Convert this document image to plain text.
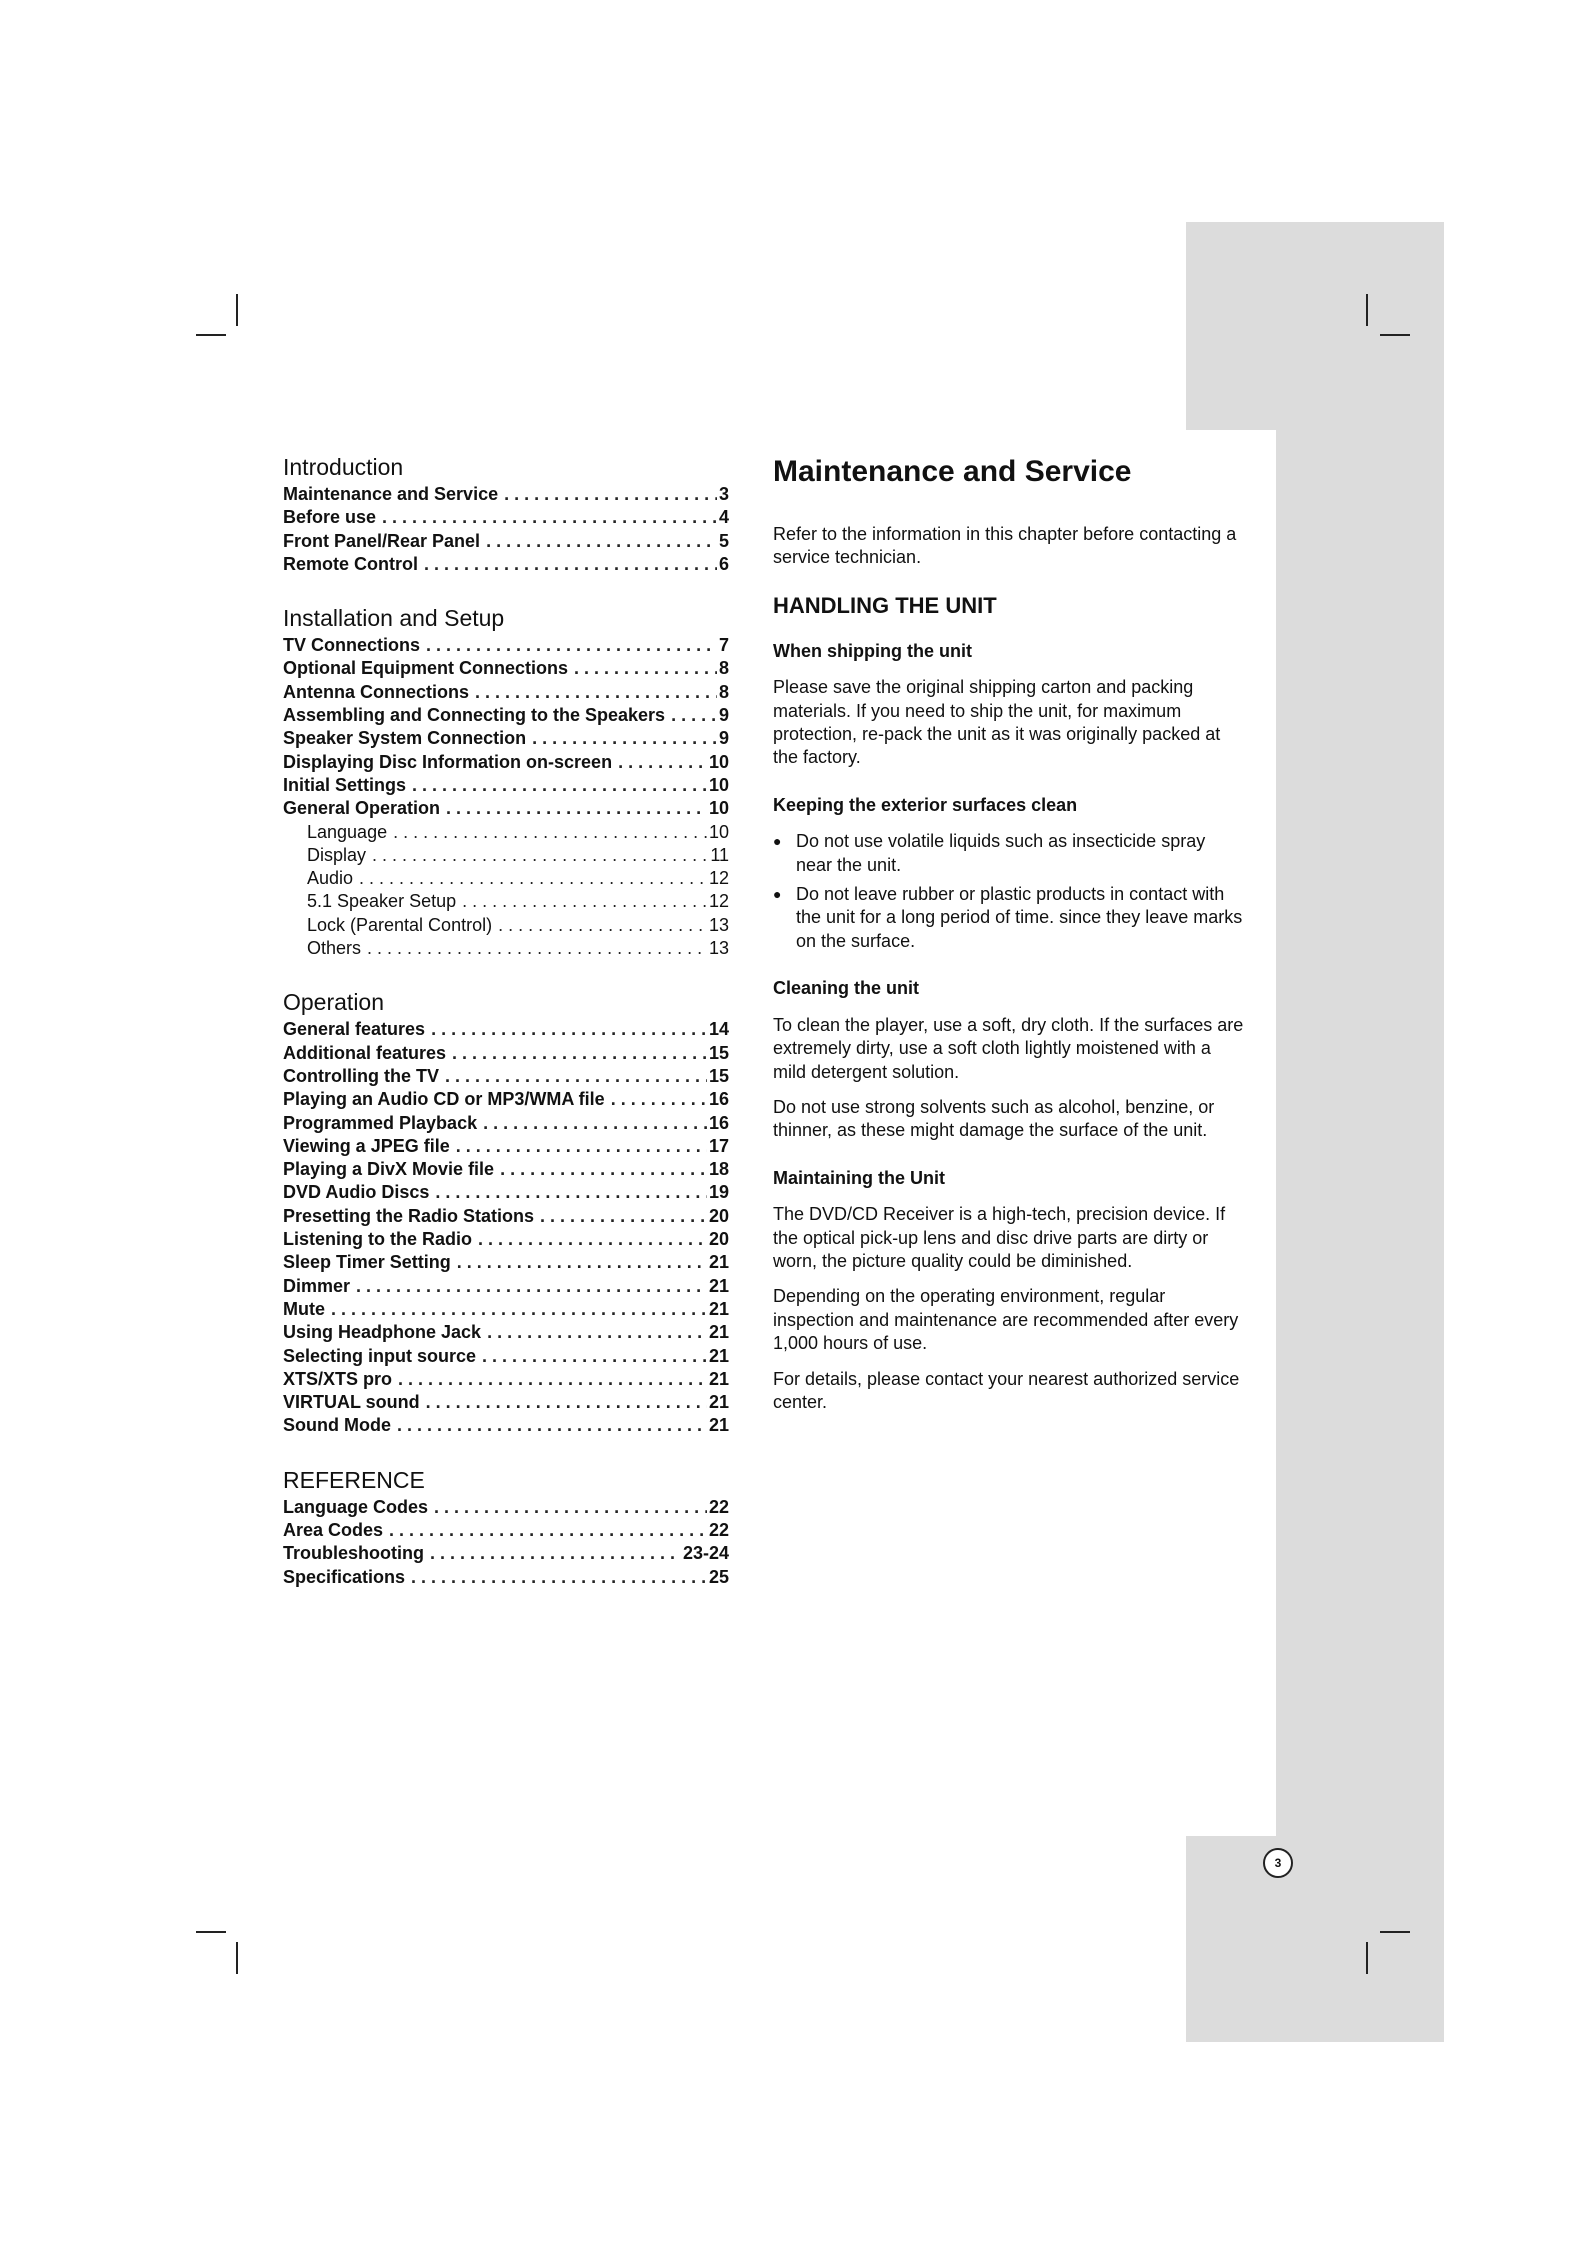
Introduction
Maintenance and Service . . .	3
Before use . . .	4
Front Panel/Rear Panel . . .	5
Remote Control . . .	6
Installation and Setup
TV Connections . . .	7
Optional Equipment Connections . . .	8
Antenna Connections . . .	8
Assembling and Connecting to the Speakers . . .	9
Speaker System Connection . . .	9
Displaying Disc Information on-screen . . .	10
Initial Settings . . .	10
General Operation . . .	10
Language . . .	10
Display . . .	11
Audio . . .	12
5.1 Speaker Setup . . .	12
Lock (Parental Control) . . .	13
Others . . .	13
Operation
General features . . .	14
Additional features . . .	15
Controlling the TV . . .	15
Playing an Audio CD or MP3/WMA file . . .	16
Programmed Playback . . .	16
Viewing a JPEG file . . .	17
Playing a DivX Movie file . . .	18
DVD Audio Discs . . .	19
Presetting the Radio Stations . . .	20
Listening to the Radio . . .	20
Sleep Timer Setting . . .	21
Dimmer . . .	21
Mute . . .	21
Using Headphone Jack . . .	21
Selecting input source . . .	21
XTS/XTS pro . . .	21
VIRTUAL sound . . .	21
Sound Mode . . .	21
REFERENCE
Language Codes . . .	22
Area Codes . . .	22
Troubleshooting . . .	23-24
Specifications . . .	25
Maintenance and Service

Refer to the information in this chapter before contacting a service technician.

HANDLING THE UNIT
When shipping the unit

Please save the original shipping carton and packing materials. If you need to ship the unit, for maximum protection, re-pack the unit as it was originally packed at the factory.

Keeping the exterior surfaces clean
● Do not use volatile liquids such as insecticide spray near the unit.
● Do not leave rubber or plastic products in contact with the unit for a long period of time. since they leave marks on the surface.
Cleaning the unit

To clean the player, use a soft, dry cloth. If the surfaces are extremely dirty, use a soft cloth lightly moistened with a mild detergent solution.

Do not use strong solvents such as alcohol, benzine, or thinner, as these might damage the surface of the unit.

Maintaining the Unit

The DVD/CD Receiver is a high-tech, precision device. If the optical pick-up lens and disc drive parts are dirty or worn, the picture quality could be diminished.

Depending on the operating environment, regular inspection and maintenance are recommended after every 1,000 hours of use.

For details, please contact your nearest authorized service center.

3
